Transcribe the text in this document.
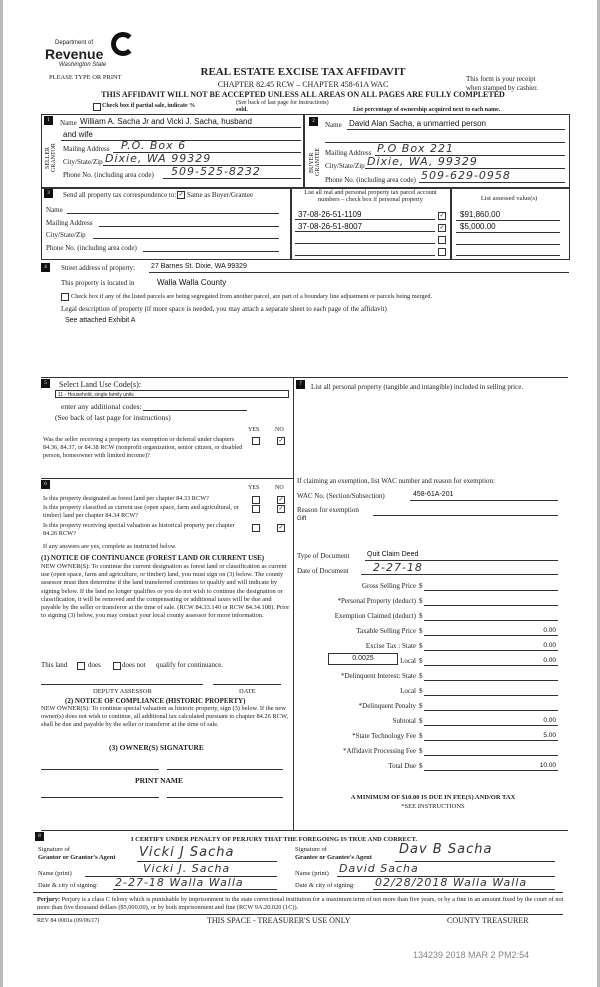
Department of
Revenue
Washington State
REAL ESTATE EXCISE TAX AFFIDAVIT
PLEASE TYPE OR PRINT
CHAPTER 82.45 RCW – CHAPTER 458-61A WAC
This form is your receipt
when stamped by cashier.
THIS AFFIDAVIT WILL NOT BE ACCEPTED UNLESS ALL AREAS ON ALL PAGES ARE FULLY COMPLETED
(See back of last page for instructions)
Check box if partial sale, indicate %
sold.	List percentage of ownership acquired next to each name.
1
SELLER GRANTOR
Name William A. Sacha Jr and Vicki J. Sacha, husband
and wife
Mailing Address P.O. Box 6
City/State/Zip Dixie, WA 99329
Phone No. (including area code) 509-525-8232
2
BUYER GRANTEE
Name David Alan Sacha, a unmarried person
Mailing Address P.O Box 221
City/State/Zip Dixie, WA, 99329
Phone No. (including area code) 509-629-0958
3	Send all property tax correspondence to: ✓ Same as Buyer/Grantee
Name
Mailing Address
City/State/Zip
Phone No. (including area code)
List all real and personal property tax parcel account numbers – check box if personal property	List assessed value(s)
37-08-26-51-1109	✓ $91,860.00
37-08-26-51-8007	✓ $5,000.00
4	Street address of property: 27 Barnes St. Dixie, WA 99329
This property is located in	Walla Walla County
Check box if any of the listed parcels are being segregated from another parcel, are part of a boundary line adjustment or parcels being merged.
Legal description of property (if more space is needed, you may attach a separate sheet to each page of the affidavit)
See attached Exhibit A
5	Select Land Use Code(s):
11 - Household, single family units
enter any additional codes:
(See back of last page for instructions)
YES	NO
Was the seller receiving a property tax exemption or deferral under chapters 84.36, 84.37, or 84.38 RCW (nonprofit organization, senior citizen, or disabled person, homeowner with limited income)?
✓
7	List all personal property (tangible and intangible) included in selling price.
6
YES	NO
Is this property designated as forest land per chapter 84.33 RCW?	✓
Is this property classified as current use (open space, farm and agricultural, or timber) land per chapter 84.34 RCW?
✓
Is this property receiving special valuation as historical property per chapter 84.26 RCW?
✓
If any answers are yes, complete as instructed below.
(1) NOTICE OF CONTINUANCE (FOREST LAND OR CURRENT USE)
NEW OWNER(S): To continue the current designation as forest land or classification as current use (open space, farm and agriculture, or timber) land, you must sign on (3) below. The county assessor must then determine if the land transferred continues to qualify and will indicate by signing below. If the land no longer qualifies or you do not wish to continue the designation or classification, it will be removed and the compensating or additional taxes will be due and payable by the seller or transferor at the time of sale. (RCW 84.33.140 or RCW 84.34.108). Prior to signing (3) below, you may contact your local county assessor for more information.
This land	does	does not qualify for continuance.
DEPUTY ASSESSOR	DATE
(2) NOTICE OF COMPLIANCE (HISTORIC PROPERTY)
NEW OWNER(S): To continue special valuation as historic property, sign (3) below. If the new owner(s) does not wish to continue, all additional tax calculated pursuant to chapter 84.26 RCW, shall be due and payable by the seller or transferor at the time of sale.
(3) OWNER(S) SIGNATURE
PRINT NAME
If claiming an exemption, list WAC number and reason for exemption:
WAC No. (Section/Subsection)	458-61A-201
Reason for exemption
Gift
Type of Document	Quit Claim Deed
Date of Document 2-27-18
0.0025
A MINIMUM OF $10.00 IS DUE IN FEE(S) AND/OR TAX
*SEE INSTRUCTIONS
8	I CERTIFY UNDER PENALTY OF PERJURY THAT THE FOREGOING IS TRUE AND CORRECT.
Signature of
Grantor or Grantor's Agent Vicki J Sacha
Name (print)	Vicki J. Sacha
Date & city of signing: 2-27-18 Walla Walla
Signature of
Grantee or Grantee's Agent
Dav B Sacha
Name (print) David Sacha
Date & city of signing: 02/28/2018 Walla Walla
Perjury: Perjury is a class C felony which is punishable by imprisonment in the state correctional institution for a maximum term of not more than five years, or by a fine in an amount fixed by the court of not more than five thousand dollars ($5,000.00), or by both imprisonment and fine (RCW 9A.20.020 (1C)).
REV 84 0001a (09/06/17)	THIS SPACE - TREASURER'S USE ONLY	COUNTY TREASURER
134239 2018 MAR 2 PM2:54
Gross Selling Price $
*Personal Property (deduct) $
Exemption Claimed (deduct) $
Taxable Selling Price $	0.00
Excise Tax : State $	0.00
Local $	0.00
*Delinquent Interest: State $
Local $
*Delinquent Penalty $
Subtotal $	0.00
*State Technology Fee $	5.00
*Affidavit Processing Fee $
Total Due $	10.00
